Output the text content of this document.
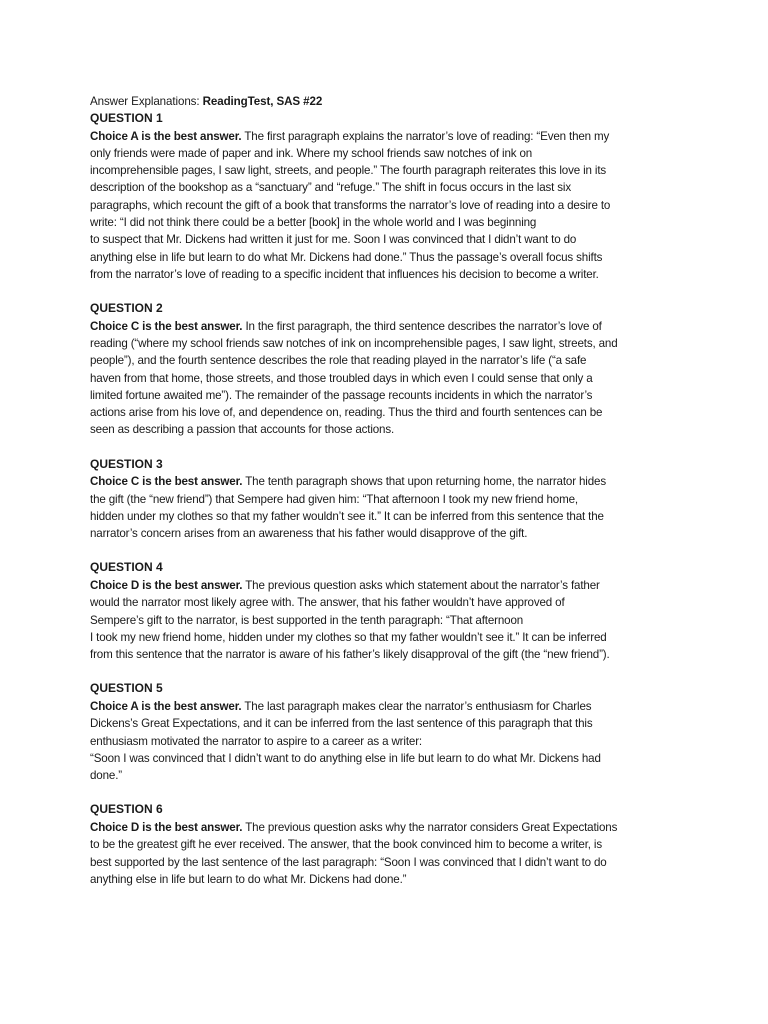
Answer Explanations: ReadingTest, SAS #22
QUESTION 1
Choice A is the best answer. The first paragraph explains the narrator’s love of reading: “Even then my
only friends were made of paper and ink. Where my school friends saw notches of ink on
incomprehensible pages, I saw light, streets, and people.” The fourth paragraph reiterates this love in its
description of the bookshop as a “sanctuary” and “refuge.” The shift in focus occurs in the last six
paragraphs, which recount the gift of a book that transforms the narrator’s love of reading into a desire to
write: “I did not think there could be a better [book] in the whole world and I was beginning
to suspect that Mr. Dickens had written it just for me. Soon I was convinced that I didn’t want to do
anything else in life but learn to do what Mr. Dickens had done.” Thus the passage’s overall focus shifts
from the narrator’s love of reading to a specific incident that influences his decision to become a writer.
QUESTION 2
Choice C is the best answer. In the first paragraph, the third sentence describes the narrator’s love of
reading (“where my school friends saw notches of ink on incomprehensible pages, I saw light, streets, and
people”), and the fourth sentence describes the role that reading played in the narrator’s life (“a safe
haven from that home, those streets, and those troubled days in which even I could sense that only a
limited fortune awaited me”). The remainder of the passage recounts incidents in which the narrator’s
actions arise from his love of, and dependence on, reading. Thus the third and fourth sentences can be
seen as describing a passion that accounts for those actions.
QUESTION 3
Choice C is the best answer. The tenth paragraph shows that upon returning home, the narrator hides
the gift (the “new friend”) that Sempere had given him: “That afternoon I took my new friend home,
hidden under my clothes so that my father wouldn’t see it.” It can be inferred from this sentence that the
narrator’s concern arises from an awareness that his father would disapprove of the gift.
QUESTION 4
Choice D is the best answer. The previous question asks which statement about the narrator’s father
would the narrator most likely agree with. The answer, that his father wouldn’t have approved of
Sempere’s gift to the narrator, is best supported in the tenth paragraph: “That afternoon
I took my new friend home, hidden under my clothes so that my father wouldn’t see it.” It can be inferred
from this sentence that the narrator is aware of his father’s likely disapproval of the gift (the “new friend”).
QUESTION 5
Choice A is the best answer. The last paragraph makes clear the narrator’s enthusiasm for Charles
Dickens’s Great Expectations, and it can be inferred from the last sentence of this paragraph that this
enthusiasm motivated the narrator to aspire to a career as a writer:
“Soon I was convinced that I didn’t want to do anything else in life but learn to do what Mr. Dickens had
done.”
QUESTION 6
Choice D is the best answer. The previous question asks why the narrator considers Great Expectations
to be the greatest gift he ever received. The answer, that the book convinced him to become a writer, is
best supported by the last sentence of the last paragraph: “Soon I was convinced that I didn’t want to do
anything else in life but learn to do what Mr. Dickens had done.”
